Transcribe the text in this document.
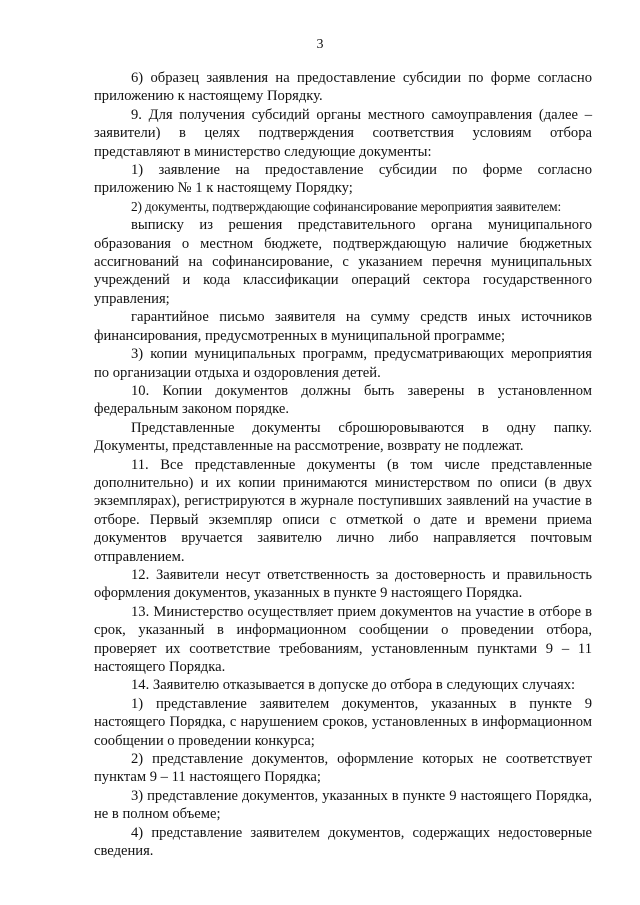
3

6) образец заявления на предоставление субсидии по форме согласно приложению к настоящему Порядку.

9. Для получения субсидий органы местного самоуправления (далее – заявители) в целях подтверждения соответствия условиям отбора представляют в министерство следующие документы:

1) заявление на предоставление субсидии по форме согласно приложению № 1 к настоящему Порядку;

2) документы, подтверждающие софинансирование мероприятия заявителем:

выписку из решения представительного органа муниципального образования о местном бюджете, подтверждающую наличие бюджетных ассигнований на софинансирование, с указанием перечня муниципальных учреждений и кода классификации операций сектора государственного управления;

гарантийное письмо заявителя на сумму средств иных источников финансирования, предусмотренных в муниципальной программе;

3) копии муниципальных программ, предусматривающих мероприятия по организации отдыха и оздоровления детей.

10. Копии документов должны быть заверены в установленном федеральным законом порядке.

Представленные документы сброшюровываются в одну папку. Документы, представленные на рассмотрение, возврату не подлежат.

11. Все представленные документы (в том числе представленные дополнительно) и их копии принимаются министерством по описи (в двух экземплярах), регистрируются в журнале поступивших заявлений на участие в отборе. Первый экземпляр описи с отметкой о дате и времени приема документов вручается заявителю лично либо направляется почтовым отправлением.

12. Заявители несут ответственность за достоверность и правильность оформления документов, указанных в пункте 9 настоящего Порядка.

13. Министерство осуществляет прием документов на участие в отборе в срок, указанный в информационном сообщении о проведении отбора, проверяет их соответствие требованиям, установленным пунктами 9 – 11 настоящего Порядка.

14. Заявителю отказывается в допуске до отбора в следующих случаях:

1) представление заявителем документов, указанных в пункте 9 настоящего Порядка, с нарушением сроков, установленных в информационном сообщении о проведении конкурса;

2) представление документов, оформление которых не соответствует пунктам 9 – 11 настоящего Порядка;

3) представление документов, указанных в пункте 9 настоящего Порядка, не в полном объеме;

4) представление заявителем документов, содержащих недостоверные сведения.
